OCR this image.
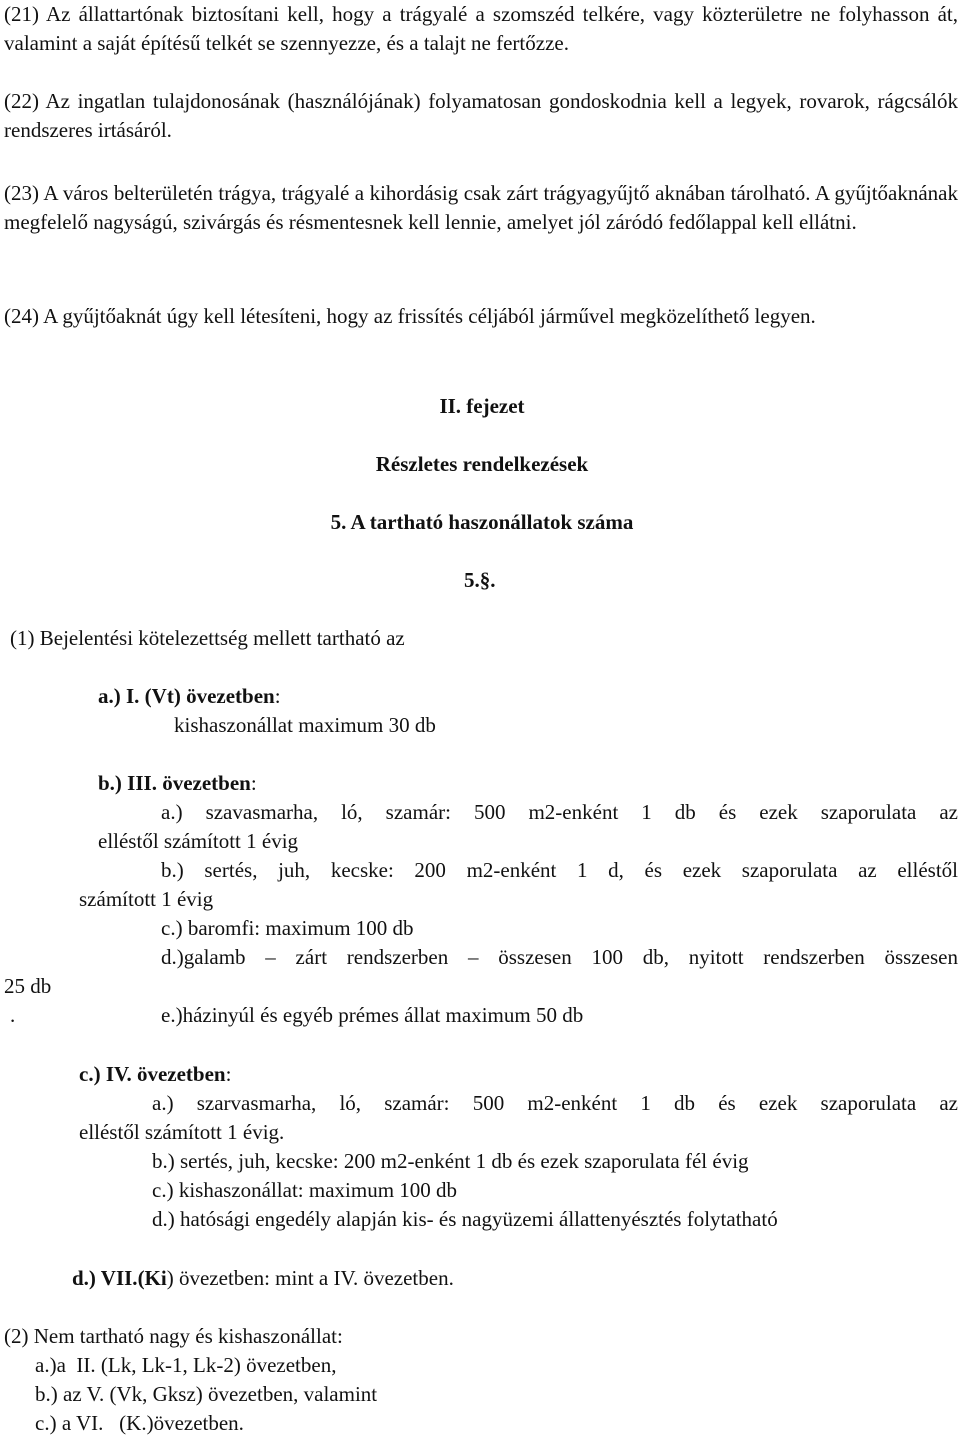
(21) Az állattartónak biztosítani kell, hogy a trágyalé a szomszéd telkére, vagy közterületre ne folyhasson át, valamint a saját építésű telkét se szennyezze, és a talajt ne fertőzze.

(22) Az ingatlan tulajdonosának (használójának) folyamatosan gondoskodnia kell a legyek, rovarok, rágcsálók rendszeres irtásáról.

(23) A város belterületén trágya, trágyalé a kihordásig csak zárt trágyagyűjtő aknában tárolható. A gyűjtőaknának megfelelő nagyságú, szivárgás és résmentesnek kell lennie, amelyet jól záródó fedőlappal kell ellátni.

(24) A gyűjtőaknát úgy kell létesíteni, hogy az frissítés céljából járművel megközelíthető legyen.

II. fejezet
Részletes rendelkezések
5. A tartható haszonállatok száma
5.§.
(1) Bejelentési kötelezettség mellett tartható az
a.) I. (Vt) övezetben:
kishaszonállat maximum 30 db
b.) III. övezetben:
a.) szavasmarha, ló, szamár: 500 m2-enként 1 db és ezek szaporulata az
elléstől számított 1 évig
b.) sertés, juh, kecske: 200 m2-enként 1 d, és ezek szaporulata az elléstől
számított 1 évig
c.) baromfi: maximum 100 db
d.)galamb – zárt rendszerben – összesen 100 db, nyitott rendszerben összesen
25 db
.	e.)házinyúl és egyéb prémes állat maximum 50 db
c.) IV. övezetben:
a.) szarvasmarha, ló, szamár: 500 m2-enként 1 db és ezek szaporulata az
elléstől számított 1 évig.
b.) sertés, juh, kecske: 200 m2-enként 1 db és ezek szaporulata fél évig
c.) kishaszonállat: maximum 100 db
d.) hatósági engedély alapján kis- és nagyüzemi állattenyésztés folytatható
d.) VII.(Ki) övezetben: mint a IV. övezetben.
(2) Nem tartható nagy és kishaszonállat:
a.)a  II. (Lk, Lk-1, Lk-2) övezetben,
b.) az V. (Vk, Gksz) övezetben, valamint
c.) a VI.   (K.)övezetben.
